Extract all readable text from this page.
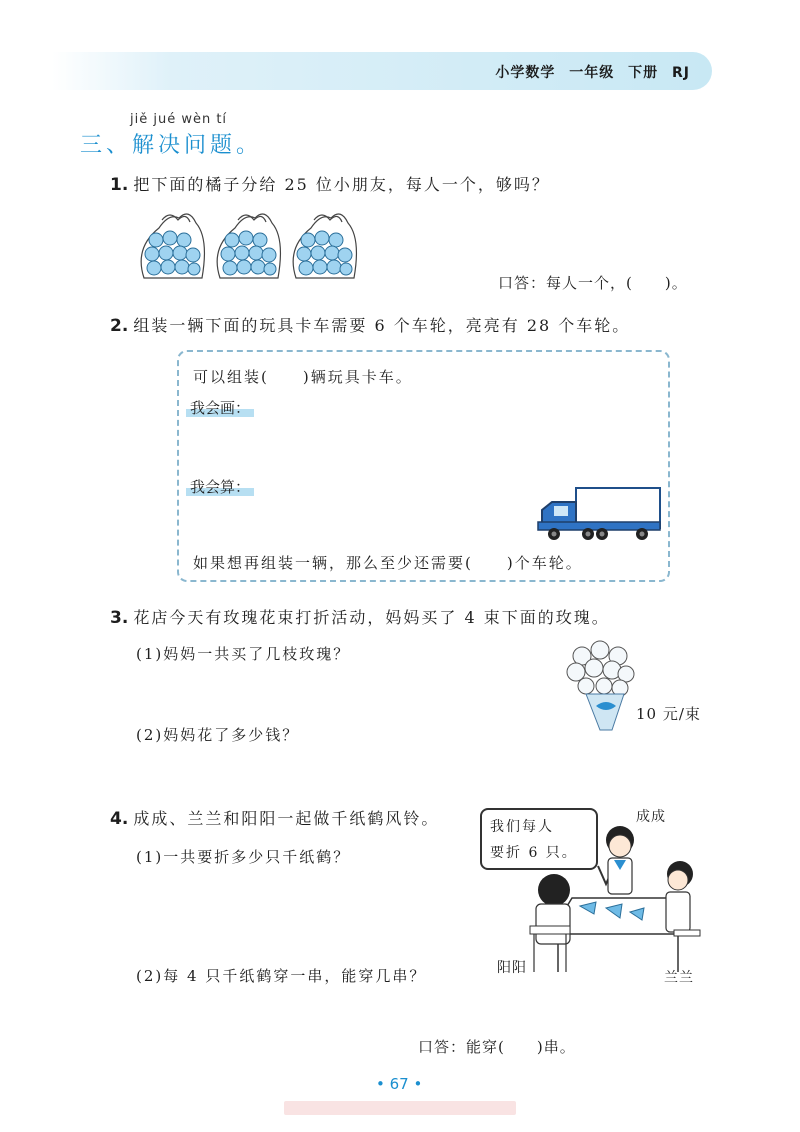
小学数学 一年级 下册 RJ
jiě jué wèn tí
三、解决问题。
1. 把下面的橘子分给 25 位小朋友，每人一个，够吗？
口答：每人一个，(　　)。
2. 组装一辆下面的玩具卡车需要 6 个车轮，亮亮有 28 个车轮。
可以组装(　　)辆玩具卡车。
我会画：
我会算：
如果想再组装一辆，那么至少还需要(　　)个车轮。
3. 花店今天有玫瑰花束打折活动，妈妈买了 4 束下面的玫瑰。
(1)妈妈一共买了几枝玫瑰？
(2)妈妈花了多少钱？
10 元/束
4. 成成、兰兰和阳阳一起做千纸鹤风铃。
(1)一共要折多少只千纸鹤？
(2)每 4 只千纸鹤穿一串，能穿几串？
我们每人
要折 6 只。
成成
阳阳
兰兰
口答：能穿(　　)串。
• 67 •
